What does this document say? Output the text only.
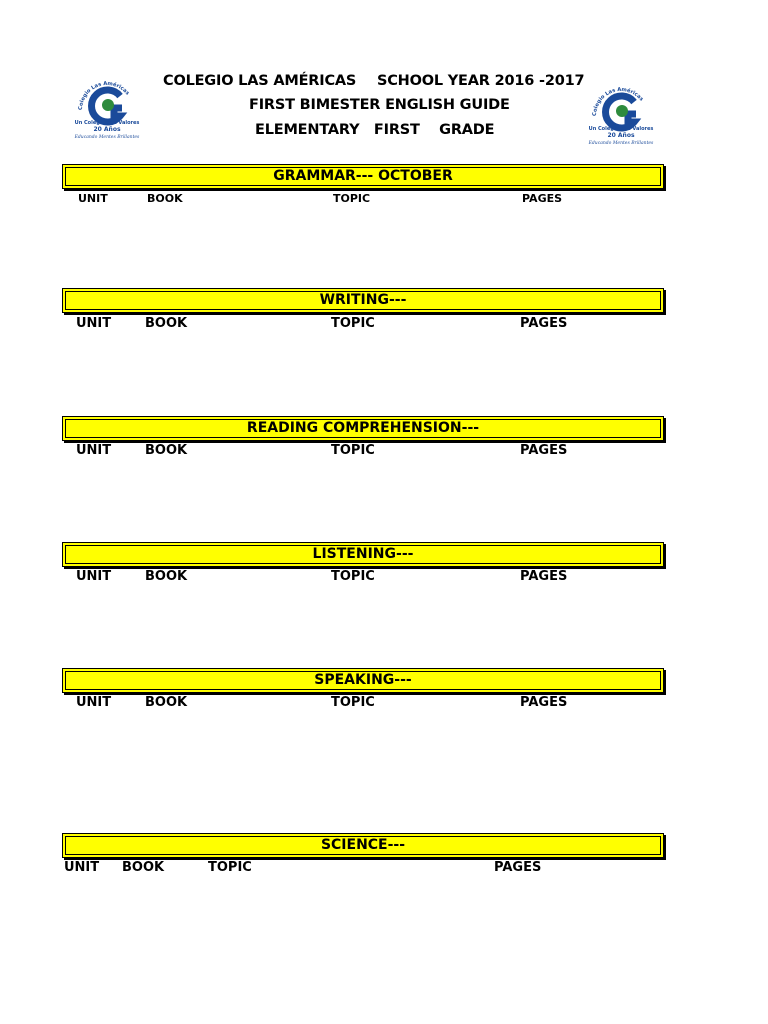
COLEGIO LAS AMÉRICAS SCHOOL YEAR 2016 -2017
FIRST BIMESTER ENGLISH GUIDE
ELEMENTARY   FIRST    GRADE
Colegio Las Américas
Un Colegio con Valores
20 Años
Educando Mentes Brillantes
Colegio Las Américas
Un Colegio con Valores
20 Años
Educando Mentes Brillantes
GRAMMAR--- OCTOBER
UNIT	BOOK	TOPIC	PAGES
WRITING---
UNIT	BOOK	TOPIC	PAGES
READING COMPREHENSION---
UNIT	BOOK	TOPIC	PAGES
LISTENING---
UNIT	BOOK	TOPIC	PAGES
SPEAKING---
UNIT	BOOK	TOPIC	PAGES
SCIENCE---
UNIT BOOK	TOPIC	PAGES
